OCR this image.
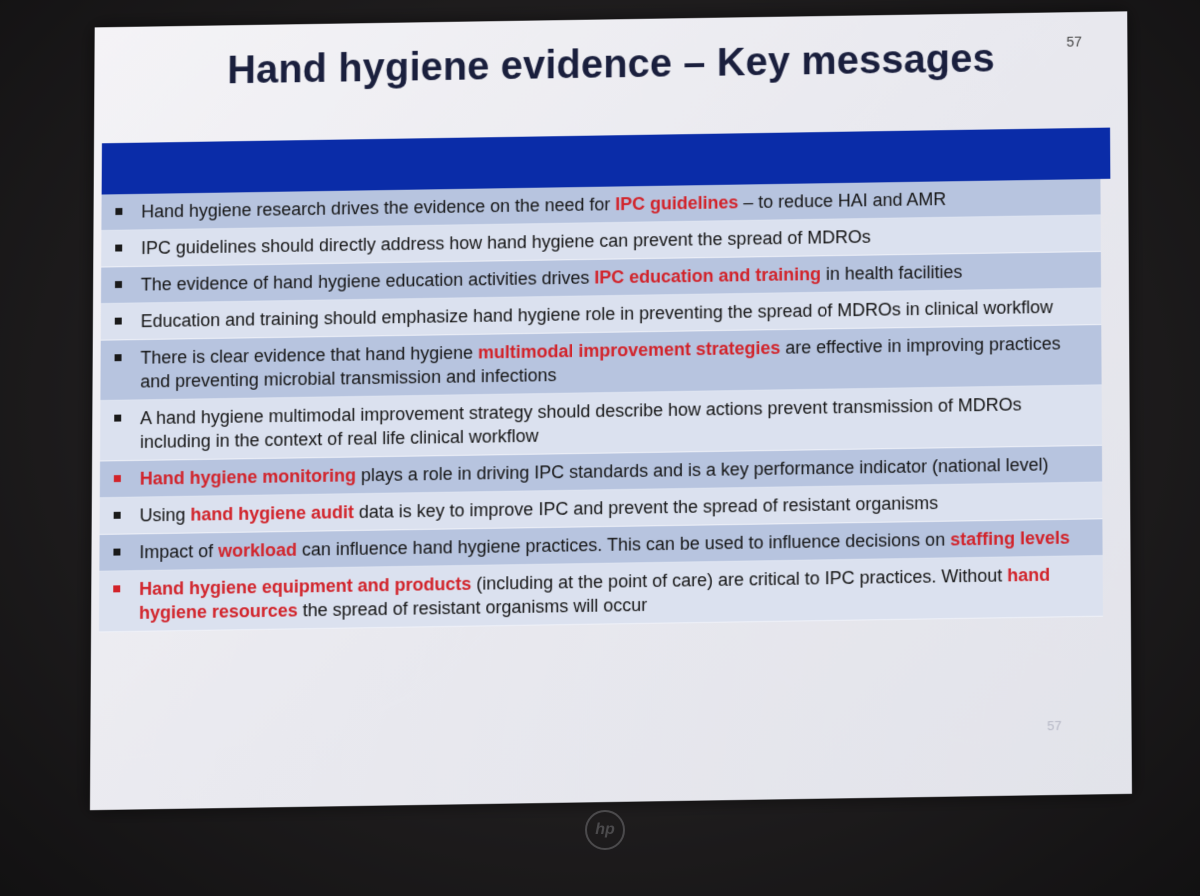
57
Hand hygiene evidence – Key messages
Hand hygiene research drives the evidence on the need for IPC guidelines – to reduce HAI and AMR
IPC guidelines should directly address how hand hygiene can prevent the spread of MDROs
The evidence of hand hygiene education activities drives IPC education and training in health facilities
Education and training should emphasize hand hygiene role in preventing the spread of MDROs in clinical workflow
There is clear evidence that hand hygiene multimodal improvement strategies are effective in improving practices and preventing microbial transmission and infections
A hand hygiene multimodal improvement strategy should describe how actions prevent transmission of MDROs including in the context of real life clinical workflow
Hand hygiene monitoring plays a role in driving IPC standards and is a key performance indicator (national level)
Using hand hygiene audit data is key to improve IPC and prevent the spread of resistant organisms
Impact of workload can influence hand hygiene practices. This can be used to influence decisions on staffing levels
Hand hygiene equipment and products (including at the point of care) are critical to IPC practices. Without hand hygiene resources the spread of resistant organisms will occur
57
hp
